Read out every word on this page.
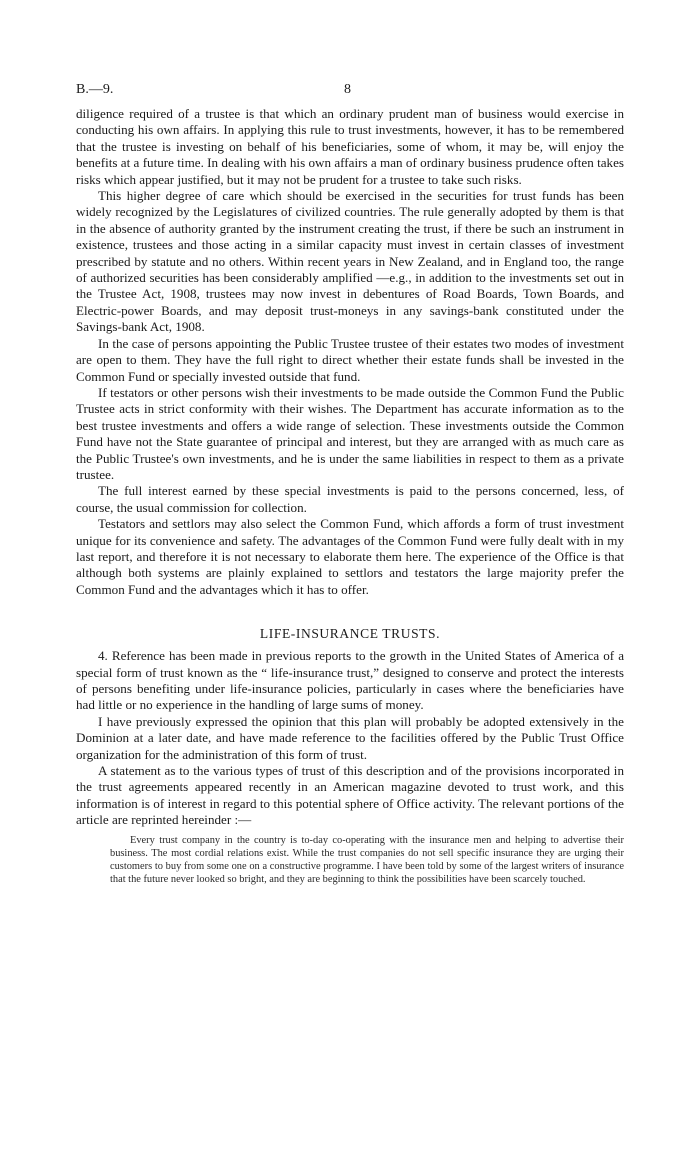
B.—9.	8

diligence required of a trustee is that which an ordinary prudent man of business would exercise in conducting his own affairs. In applying this rule to trust investments, however, it has to be remembered that the trustee is investing on behalf of his beneficiaries, some of whom, it may be, will enjoy the benefits at a future time. In dealing with his own affairs a man of ordinary business prudence often takes risks which appear justified, but it may not be prudent for a trustee to take such risks.

This higher degree of care which should be exercised in the securities for trust funds has been widely recognized by the Legislatures of civilized countries. The rule generally adopted by them is that in the absence of authority granted by the instrument creating the trust, if there be such an instrument in existence, trustees and those acting in a similar capacity must invest in certain classes of investment prescribed by statute and no others. Within recent years in New Zealand, and in England too, the range of authorized securities has been considerably amplified —e.g., in addition to the investments set out in the Trustee Act, 1908, trustees may now invest in debentures of Road Boards, Town Boards, and Electric-power Boards, and may deposit trust-moneys in any savings-bank constituted under the Savings-bank Act, 1908.

In the case of persons appointing the Public Trustee trustee of their estates two modes of investment are open to them. They have the full right to direct whether their estate funds shall be invested in the Common Fund or specially invested outside that fund.

If testators or other persons wish their investments to be made outside the Common Fund the Public Trustee acts in strict conformity with their wishes. The Department has accurate information as to the best trustee investments and offers a wide range of selection. These investments outside the Common Fund have not the State guarantee of principal and interest, but they are arranged with as much care as the Public Trustee's own investments, and he is under the same liabilities in respect to them as a private trustee.

The full interest earned by these special investments is paid to the persons concerned, less, of course, the usual commission for collection.

Testators and settlors may also select the Common Fund, which affords a form of trust investment unique for its convenience and safety. The advantages of the Common Fund were fully dealt with in my last report, and therefore it is not necessary to elaborate them here. The experience of the Office is that although both systems are plainly explained to settlors and testators the large majority prefer the Common Fund and the advantages which it has to offer.

LIFE-INSURANCE TRUSTS.

4. Reference has been made in previous reports to the growth in the United States of America of a special form of trust known as the “ life-insurance trust,” designed to conserve and protect the interests of persons benefiting under life-insurance policies, particularly in cases where the beneficiaries have had little or no experience in the handling of large sums of money.

I have previously expressed the opinion that this plan will probably be adopted extensively in the Dominion at a later date, and have made reference to the facilities offered by the Public Trust Office organization for the administration of this form of trust.

A statement as to the various types of trust of this description and of the provisions incorporated in the trust agreements appeared recently in an American magazine devoted to trust work, and this information is of interest in regard to this potential sphere of Office activity. The relevant portions of the article are reprinted hereinder :—

Every trust company in the country is to-day co-operating with the insurance men and helping to advertise their business. The most cordial relations exist. While the trust companies do not sell specific insurance they are urging their customers to buy from some one on a constructive programme. I have been told by some of the largest writers of insurance that the future never looked so bright, and they are beginning to think the possibilities have been scarcely touched.
